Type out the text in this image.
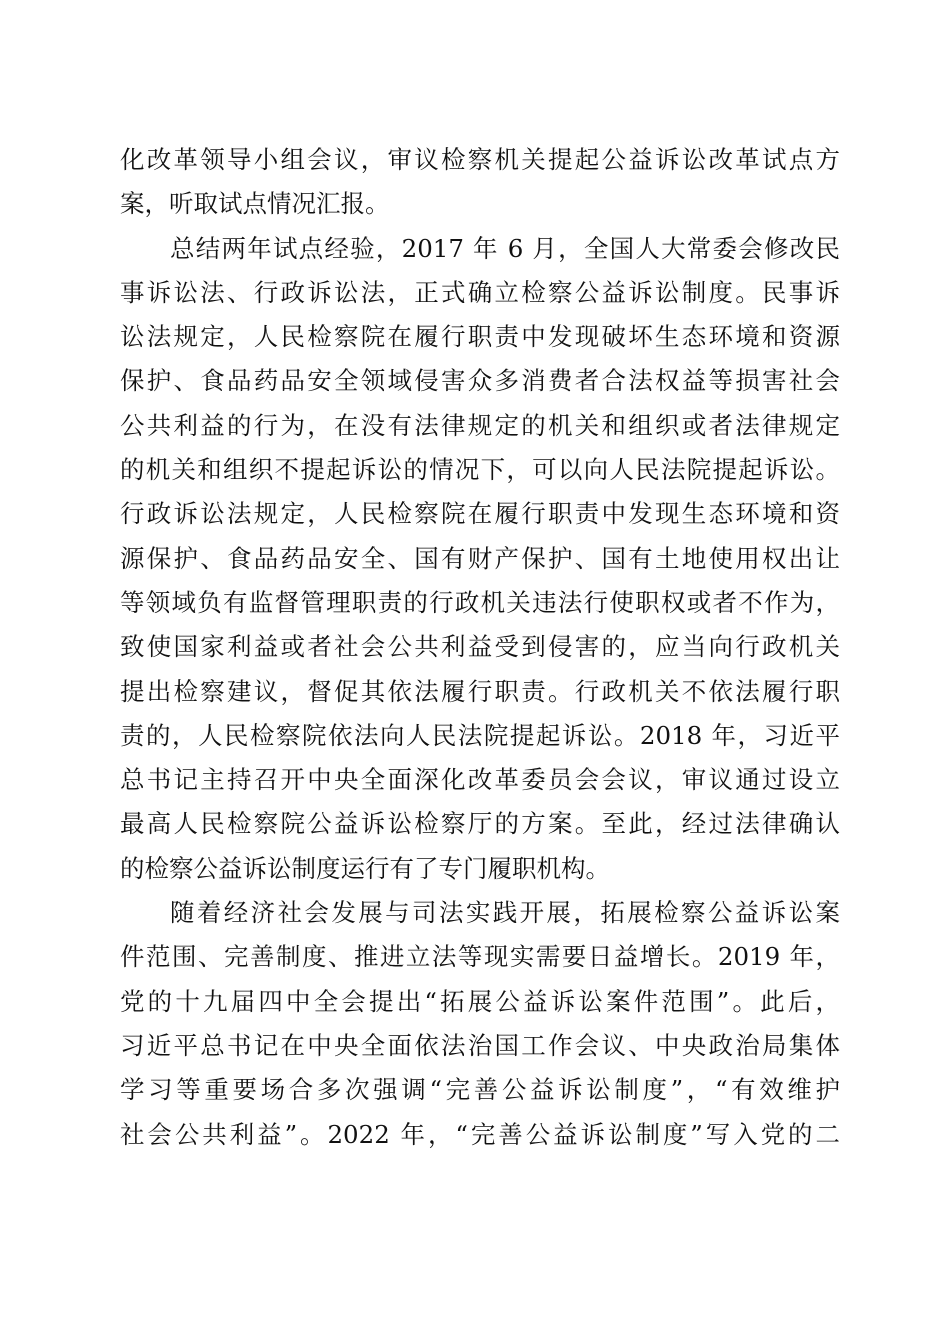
化改革领导小组会议，审议检察机关提起公益诉讼改革试点方
案，听取试点情况汇报。
总结两年试点经验，2017 年 6 月，全国人大常委会修改民
事诉讼法、行政诉讼法，正式确立检察公益诉讼制度。民事诉
讼法规定，人民检察院在履行职责中发现破坏生态环境和资源
保护、食品药品安全领域侵害众多消费者合法权益等损害社会
公共利益的行为，在没有法律规定的机关和组织或者法律规定
的机关和组织不提起诉讼的情况下，可以向人民法院提起诉讼。
行政诉讼法规定，人民检察院在履行职责中发现生态环境和资
源保护、食品药品安全、国有财产保护、国有土地使用权出让
等领域负有监督管理职责的行政机关违法行使职权或者不作为，
致使国家利益或者社会公共利益受到侵害的，应当向行政机关
提出检察建议，督促其依法履行职责。行政机关不依法履行职
责的，人民检察院依法向人民法院提起诉讼。2018 年，习近平
总书记主持召开中央全面深化改革委员会会议，审议通过设立
最高人民检察院公益诉讼检察厅的方案。至此，经过法律确认
的检察公益诉讼制度运行有了专门履职机构。
随着经济社会发展与司法实践开展，拓展检察公益诉讼案
件范围、完善制度、推进立法等现实需要日益增长。2019 年，
党的十九届四中全会提出“拓展公益诉讼案件范围”。此后，
习近平总书记在中央全面依法治国工作会议、中央政治局集体
学习等重要场合多次强调“完善公益诉讼制度”，“有效维护
社会公共利益”。2022 年，“完善公益诉讼制度”写入党的二
